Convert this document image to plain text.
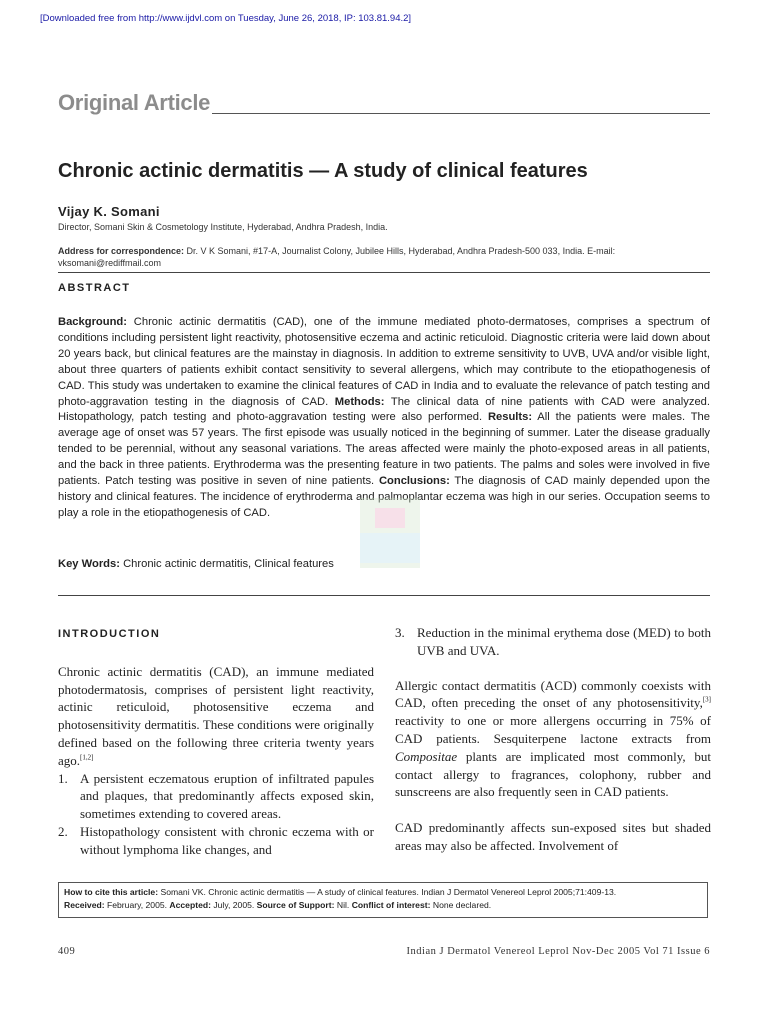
[Downloaded free from http://www.ijdvl.com on Tuesday, June 26, 2018, IP: 103.81.94.2]
Original Article
Chronic actinic dermatitis — A study of clinical features
Vijay K. Somani
Director, Somani Skin & Cosmetology Institute, Hyderabad, Andhra Pradesh, India.
Address for correspondence: Dr. V K Somani, #17-A, Journalist Colony, Jubilee Hills, Hyderabad, Andhra Pradesh-500 033, India. E-mail: vksomani@rediffmail.com
ABSTRACT
Background: Chronic actinic dermatitis (CAD), one of the immune mediated photo-dermatoses, comprises a spectrum of conditions including persistent light reactivity, photosensitive eczema and actinic reticuloid. Diagnostic criteria were laid down about 20 years back, but clinical features are the mainstay in diagnosis. In addition to extreme sensitivity to UVB, UVA and/or visible light, about three quarters of patients exhibit contact sensitivity to several allergens, which may contribute to the etiopathogenesis of CAD. This study was undertaken to examine the clinical features of CAD in India and to evaluate the relevance of patch testing and photo-aggravation testing in the diagnosis of CAD. Methods: The clinical data of nine patients with CAD were analyzed. Histopathology, patch testing and photo-aggravation testing were also performed. Results: All the patients were males. The average age of onset was 57 years. The first episode was usually noticed in the beginning of summer. Later the disease gradually tended to be perennial, without any seasonal variations. The areas affected were mainly the photo-exposed areas in all patients, and the back in three patients. Erythroderma was the presenting feature in two patients. The palms and soles were involved in five patients. Patch testing was positive in seven of nine patients. Conclusions: The diagnosis of CAD mainly depended upon the history and clinical features. The incidence of erythroderma and palmoplantar eczema was high in our series. Occupation seems to play a role in the etiopathogenesis of CAD.
Key Words: Chronic actinic dermatitis, Clinical features
INTRODUCTION

Chronic actinic dermatitis (CAD), an immune mediated photodermatosis, comprises of persistent light reactivity, actinic reticuloid, photosensitive eczema and photosensitivity dermatitis. These conditions were originally defined based on the following three criteria twenty years ago.[1,2]

1. A persistent eczematous eruption of infiltrated papules and plaques, that predominantly affects exposed skin, sometimes extending to covered areas.
2. Histopathology consistent with chronic eczema with or without lymphoma like changes, and
3. Reduction in the minimal erythema dose (MED) to both UVB and UVA.

Allergic contact dermatitis (ACD) commonly coexists with CAD, often preceding the onset of any photosensitivity,[3] reactivity to one or more allergens occurring in 75% of CAD patients. Sesquiterpene lactone extracts from Compositae plants are implicated most commonly, but contact allergy to fragrances, colophony, rubber and sunscreens are also frequently seen in CAD patients.

CAD predominantly affects sun-exposed sites but shaded areas may also be affected. Involvement of

How to cite this article: Somani VK. Chronic actinic dermatitis — A study of clinical features. Indian J Dermatol Venereol Leprol 2005;71:409-13.
Received: February, 2005. Accepted: July, 2005. Source of Support: Nil. Conflict of interest: None declared.
409	Indian J Dermatol Venereol Leprol Nov-Dec 2005 Vol 71 Issue 6
